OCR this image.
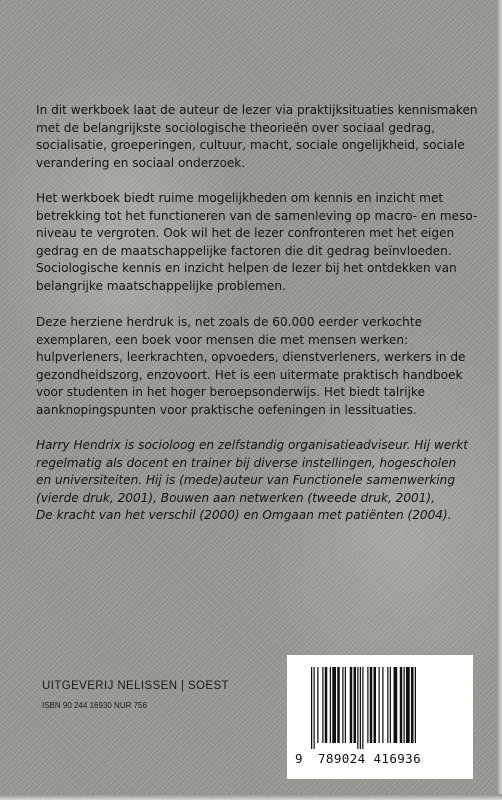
In dit werkboek laat de auteur de lezer via praktijksituaties kennismaken
met de belangrijkste sociologische theorieën over sociaal gedrag,
socialisatie, groeperingen, cultuur, macht, sociale ongelijkheid, sociale
verandering en sociaal onderzoek.
Het werkboek biedt ruime mogelijkheden om kennis en inzicht met
betrekking tot het functioneren van de samenleving op macro- en meso-
niveau te vergroten. Ook wil het de lezer confronteren met het eigen
gedrag en de maatschappelijke factoren die dit gedrag beïnvloeden.
Sociologische kennis en inzicht helpen de lezer bij het ontdekken van
belangrijke maatschappelijke problemen.
Deze herziene herdruk is, net zoals de 60.000 eerder verkochte
exemplaren, een boek voor mensen die met mensen werken:
hulpverleners, leerkrachten, opvoeders, dienstverleners, werkers in de
gezondheidszorg, enzovoort. Het is een uitermate praktisch handboek
voor studenten in het hoger beroepsonderwijs. Het biedt talrijke
aanknopingspunten voor praktische oefeningen in lessituaties.
Harry Hendrix is socioloog en zelfstandig organisatieadviseur. Hij werkt
regelmatig als docent en trainer bij diverse instellingen, hogescholen
en universiteiten. Hij is (mede)auteur van Functionele samenwerking
(vierde druk, 2001), Bouwen aan netwerken (tweede druk, 2001),
De kracht van het verschil (2000) en Omgaan met patiënten (2004).
UITGEVERIJ NELISSEN | SOEST
ISBN 90 244 16930 NUR 756
9 789024 416936
